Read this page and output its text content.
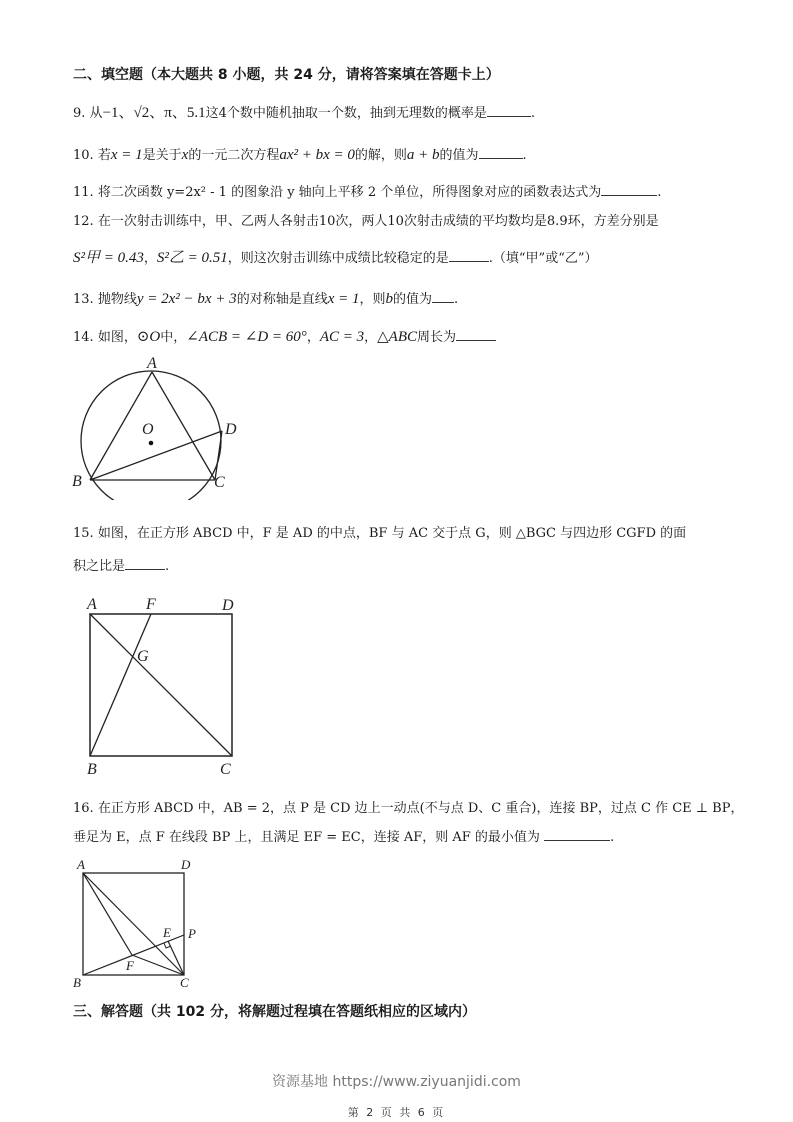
二、填空题（本大题共 8 小题，共 24 分，请将答案填在答题卡上）
9. 从−1、√2、π、5.1这4个数中随机抽取一个数，抽到无理数的概率是	.
10. 若x = 1是关于x的一元二次方程ax² + bx = 0的解，则a + b的值为	.
11. 将二次函数 y=2x² - 1 的图象沿 y 轴向上平移 2 个单位，所得图象对应的函数表达式为	.
12. 在一次射击训练中，甲、乙两人各射击10次，两人10次射击成绩的平均数均是8.9环，方差分别是
S²甲 = 0.43，S²乙 = 0.51，则这次射击训练中成绩比较稳定的是	.（填“甲”或“乙”）
13. 抛物线y = 2x² − bx + 3的对称轴是直线x = 1，则b的值为 .
14. 如图，⊙O中，∠ACB = ∠D = 60°，AC = 3，△ABC周长为
A
O	D
B	C
15. 如图，在正方形 ABCD 中，F 是 AD 的中点，BF 与 AC 交于点 G，则 △BGC 与四边形 CGFD 的面
积之比是	.
A	F	D
G
B	C
16. 在正方形 ABCD 中，AB = 2，点 P 是 CD 边上一动点(不与点 D、C 重合)，连接 BP，过点 C 作 CE ⊥ BP，
垂足为 E，点 F 在线段 BP 上，且满足 EF = EC，连接 AF，则 AF 的最小值为	.
A	D
E P
F
B	C
三、解答题（共 102 分，将解题过程填在答题纸相应的区域内）
资源基地 https://www.ziyuanjidi.com
第 2 页 共 6 页
